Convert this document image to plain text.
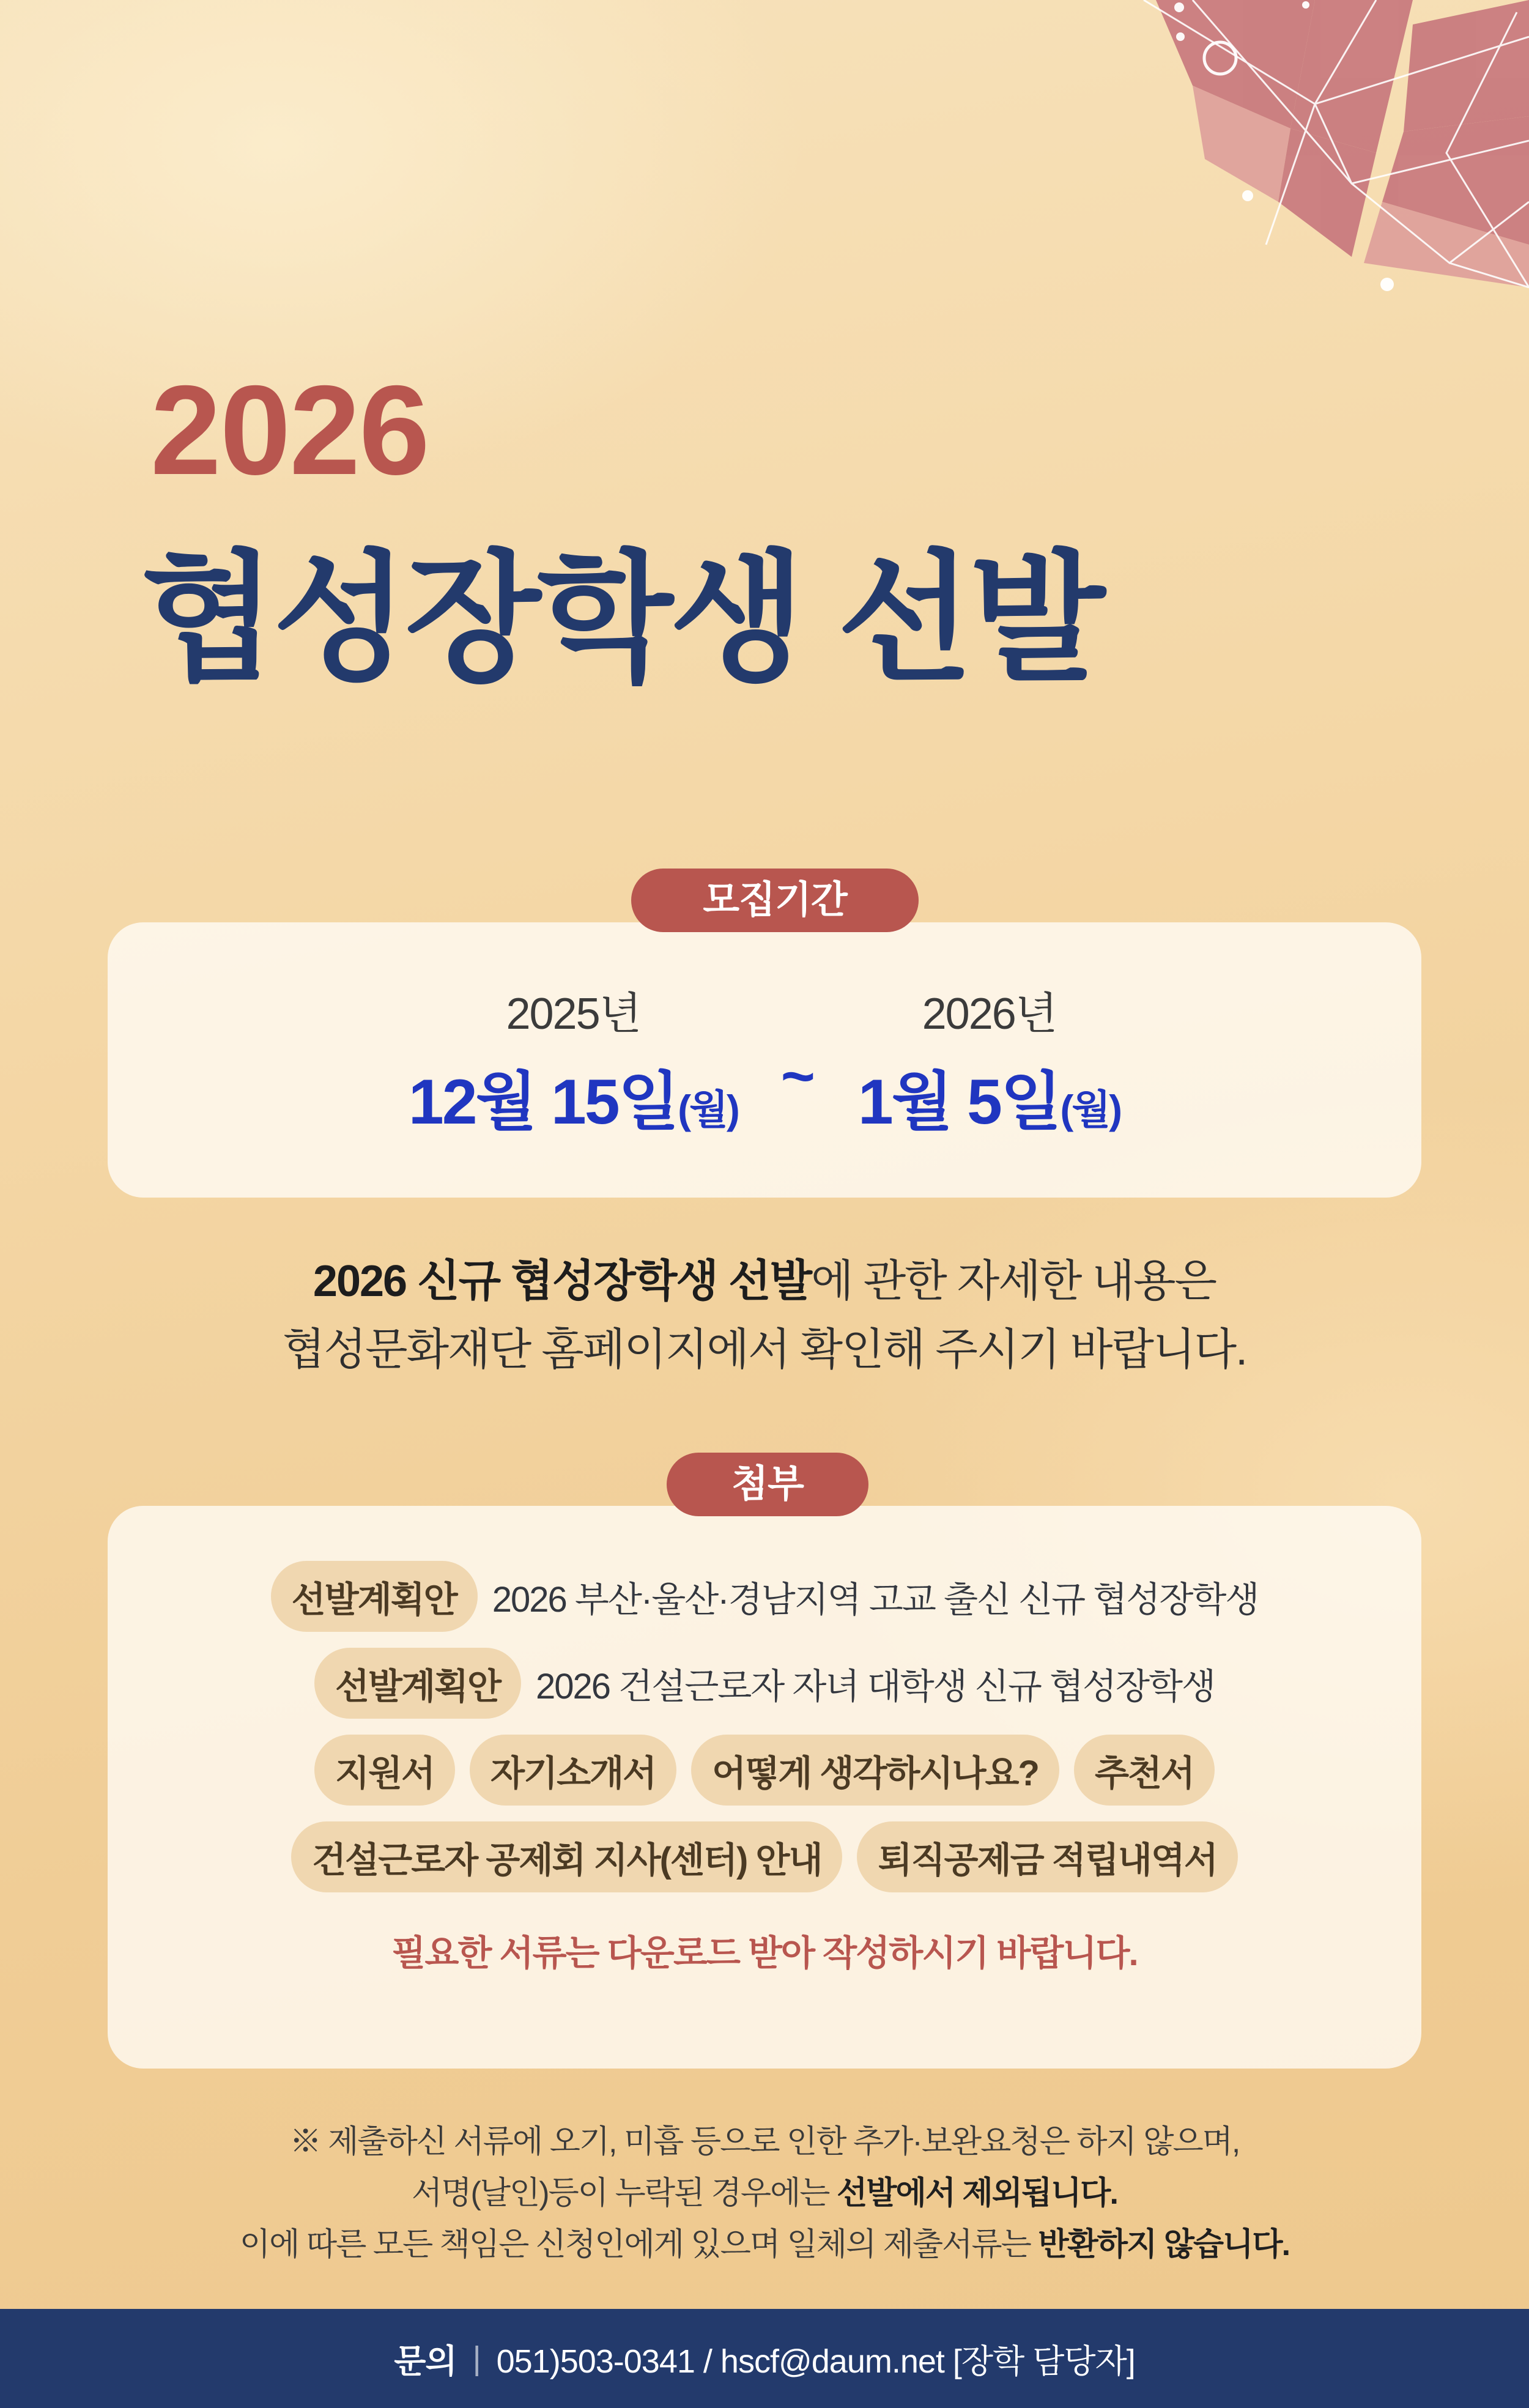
2026
협성장학생 선발
모집기간
2025년
12월 15일(월)
~
2026년
1월 5일(월)
2026 신규 협성장학생 선발에 관한 자세한 내용은
협성문화재단 홈페이지에서 확인해 주시기 바랍니다.
첨부
선발계획안	2026 부산·울산·경남지역 고교 출신 신규 협성장학생
선발계획안	2026 건설근로자 자녀 대학생 신규 협성장학생
지원서	자기소개서	어떻게 생각하시나요?	추천서
건설근로자 공제회 지사(센터) 안내	퇴직공제금 적립내역서
필요한 서류는 다운로드 받아 작성하시기 바랍니다.
※ 제출하신 서류에 오기, 미흡 등으로 인한 추가·보완요청은 하지 않으며,
서명(날인)등이 누락된 경우에는 선발에서 제외됩니다.
이에 따른 모든 책임은 신청인에게 있으며 일체의 제출서류는 반환하지 않습니다.
문의 | 051)503-0341 / hscf@daum.net [장학 담당자]
